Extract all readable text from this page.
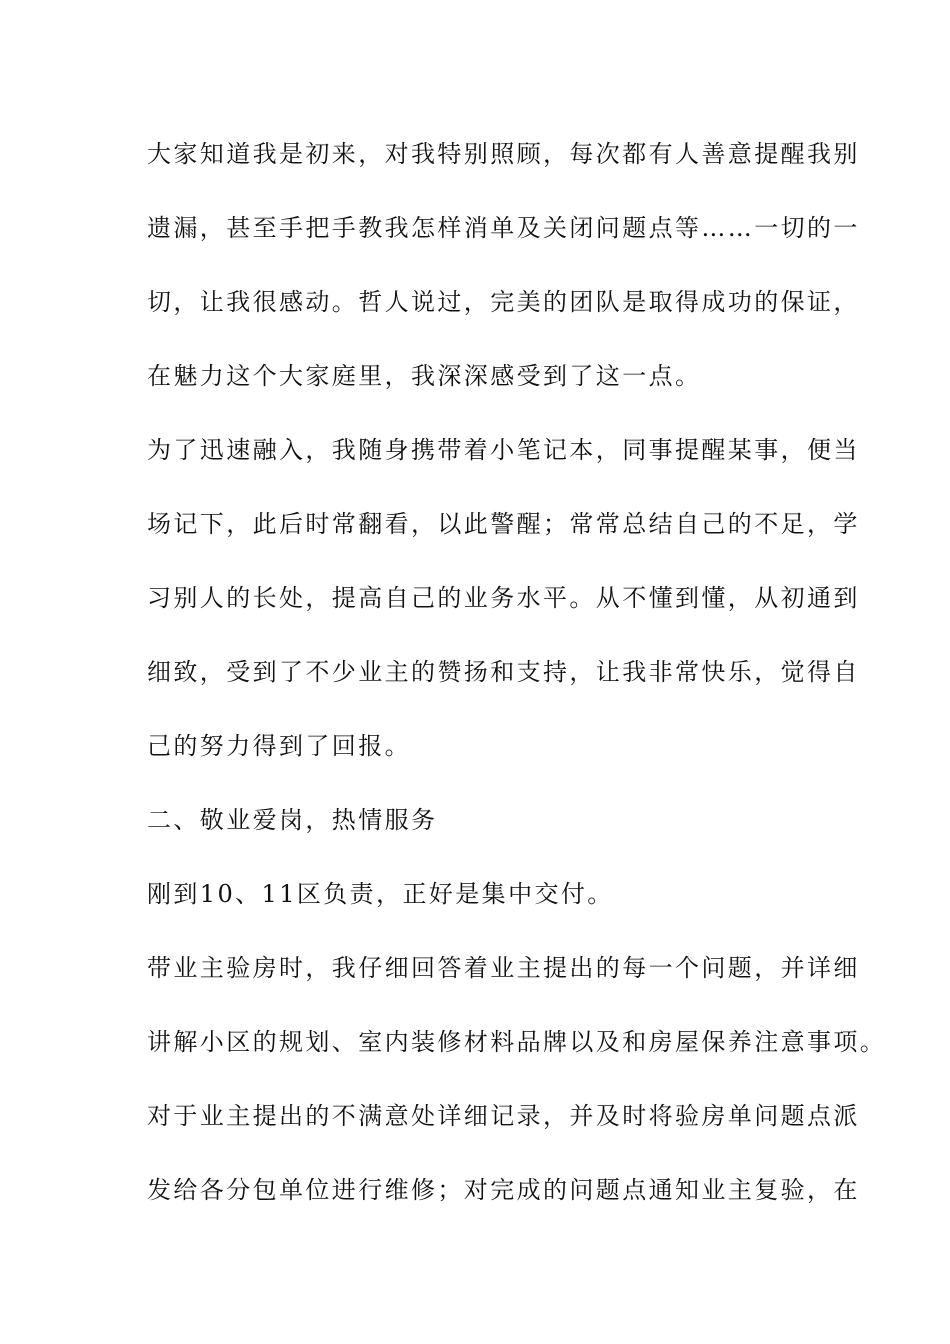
大家知道我是初来，对我特别照顾，每次都有人善意提醒我别
遗漏，甚至手把手教我怎样消单及关闭问题点等……一切的一
切，让我很感动。哲人说过，完美的团队是取得成功的保证，
在魅力这个大家庭里，我深深感受到了这一点。
为了迅速融入，我随身携带着小笔记本，同事提醒某事，便当
场记下，此后时常翻看，以此警醒；常常总结自己的不足，学
习别人的长处，提高自己的业务水平。从不懂到懂，从初通到
细致，受到了不少业主的赞扬和支持，让我非常快乐，觉得自
己的努力得到了回报。
二、敬业爱岗，热情服务
刚到10、11区负责，正好是集中交付。
带业主验房时，我仔细回答着业主提出的每一个问题，并详细
讲解小区的规划、室内装修材料品牌以及和房屋保养注意事项。
对于业主提出的不满意处详细记录，并及时将验房单问题点派
发给各分包单位进行维修；对完成的问题点通知业主复验，在
